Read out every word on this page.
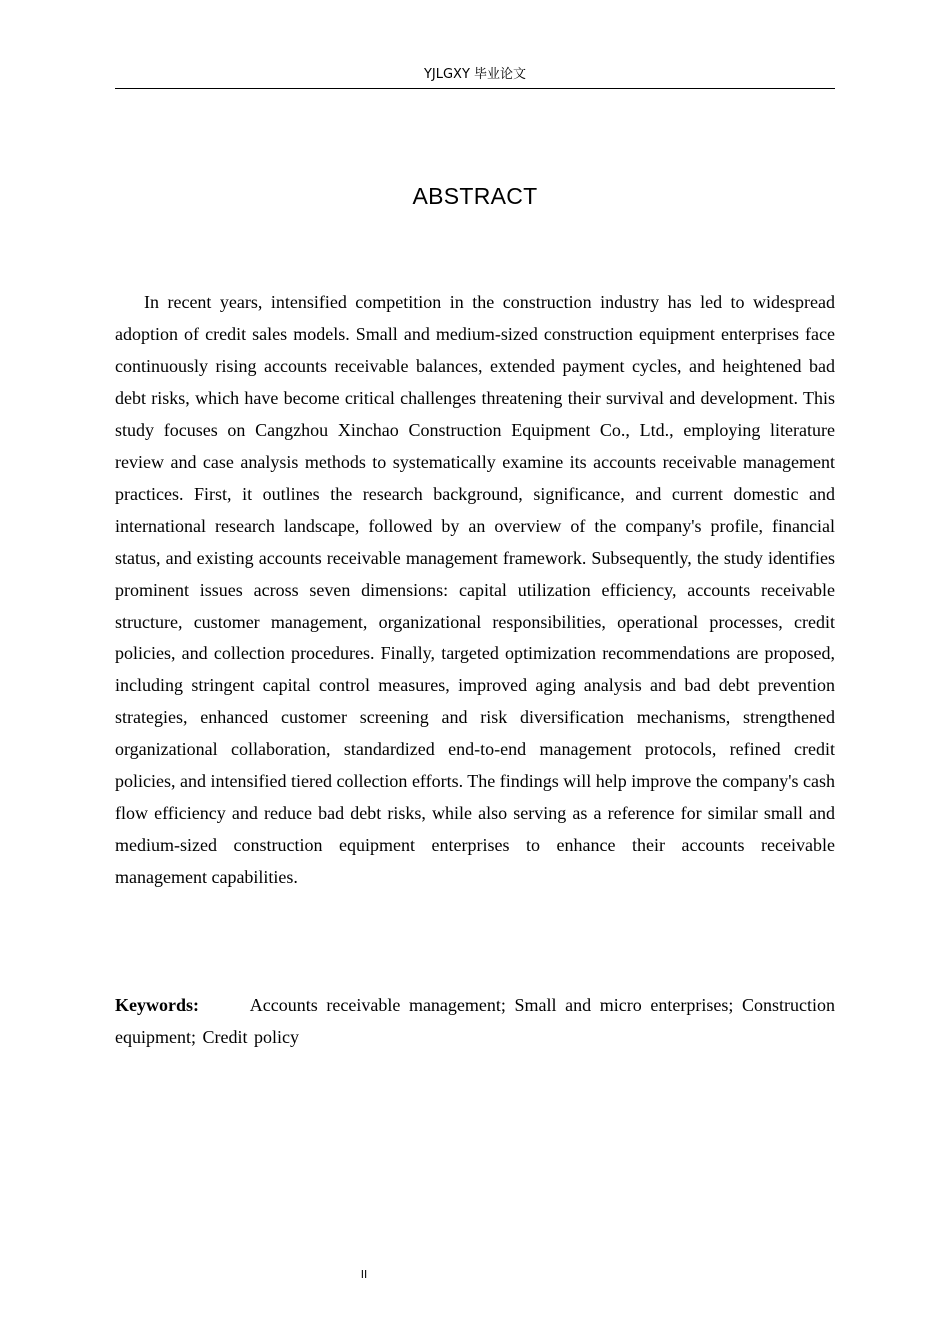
YJLGXY 毕业论文
ABSTRACT

In recent years, intensified competition in the construction industry has led to widespread adoption of credit sales models. Small and medium-sized construction equipment enterprises face continuously rising accounts receivable balances, extended payment cycles, and heightened bad debt risks, which have become critical challenges threatening their survival and development. This study focuses on Cangzhou Xinchao Construction Equipment Co., Ltd., employing literature review and case analysis methods to systematically examine its accounts receivable management practices. First, it outlines the research background, significance, and current domestic and international research landscape, followed by an overview of the company's profile, financial status, and existing accounts receivable management framework. Subsequently, the study identifies prominent issues across seven dimensions: capital utilization efficiency, accounts receivable structure, customer management, organizational responsibilities, operational processes, credit policies, and collection procedures. Finally, targeted optimization recommendations are proposed, including stringent capital control measures, improved aging analysis and bad debt prevention strategies, enhanced customer screening and risk diversification mechanisms, strengthened organizational collaboration, standardized end-to-end management protocols, refined credit policies, and intensified tiered collection efforts. The findings will help improve the company's cash flow efficiency and reduce bad debt risks, while also serving as a reference for similar small and medium-sized construction equipment enterprises to enhance their accounts receivable management capabilities.

Keywords:	Accounts receivable management; Small and micro enterprises; Construction equipment; Credit policy

II
